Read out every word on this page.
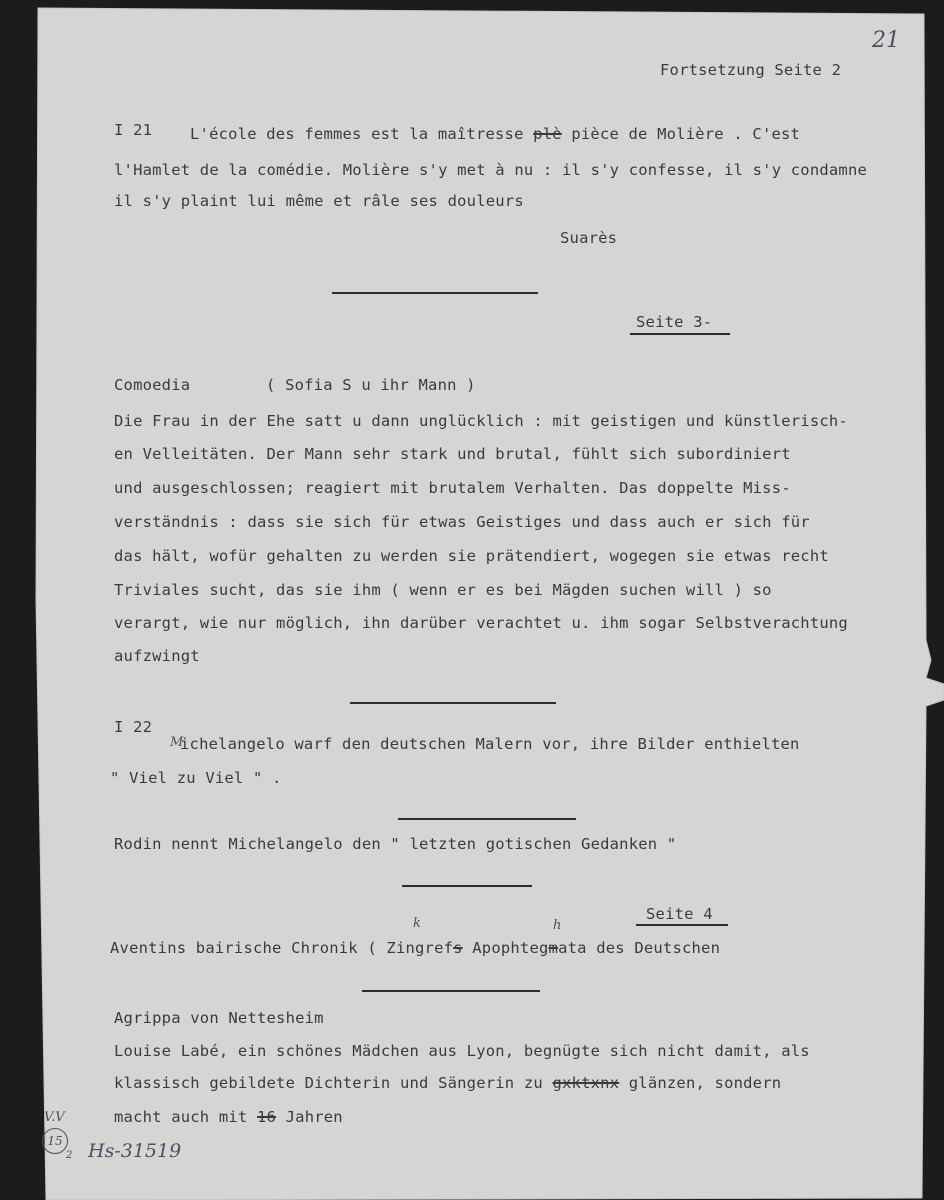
21

Fortsetzung Seite 2

I 21 L'école des femmes est la maîtresse plè pièce de Molière . C'est

l'Hamlet de la comédie. Molière s'y met à nu : il s'y confesse, il s'y condamne

il s'y plaint lui même et râle ses douleurs

Suarès

Seite 3-

Comoedia	( Sofia S u ihr Mann )

Die Frau in der Ehe satt u dann unglücklich : mit geistigen und künstlerisch-

en Velleitäten. Der Mann sehr stark und brutal, fühlt sich subordiniert

und ausgeschlossen; reagiert mit brutalem Verhalten. Das doppelte Miss-

verständnis : dass sie sich für etwas Geistiges und dass auch er sich für

das hält, wofür gehalten zu werden sie prätendiert, wogegen sie etwas recht

Triviales sucht, das sie ihm ( wenn er es bei Mägden suchen will ) so

verargt, wie nur möglich, ihn darüber verachtet u. ihm sogar Selbstverachtung

aufzwingt

I 22

M

ichelangelo warf den deutschen Malern vor, ihre Bilder enthielten

" Viel zu Viel " .

Rodin nennt Michelangelo den " letzten gotischen Gedanken "

Seite 4

k	h

Aventins bairische Chronik ( Zingrefs Apophtegmata des Deutschen

Agrippa von Nettesheim

Louise Labé, ein schönes Mädchen aus Lyon, begnügte sich nicht damit, als

klassisch gebildete Dichterin und Sängerin zu gxktxnx glänzen, sondern

macht auch mit 16 Jahren

V.V
15
2 Hs-31519
